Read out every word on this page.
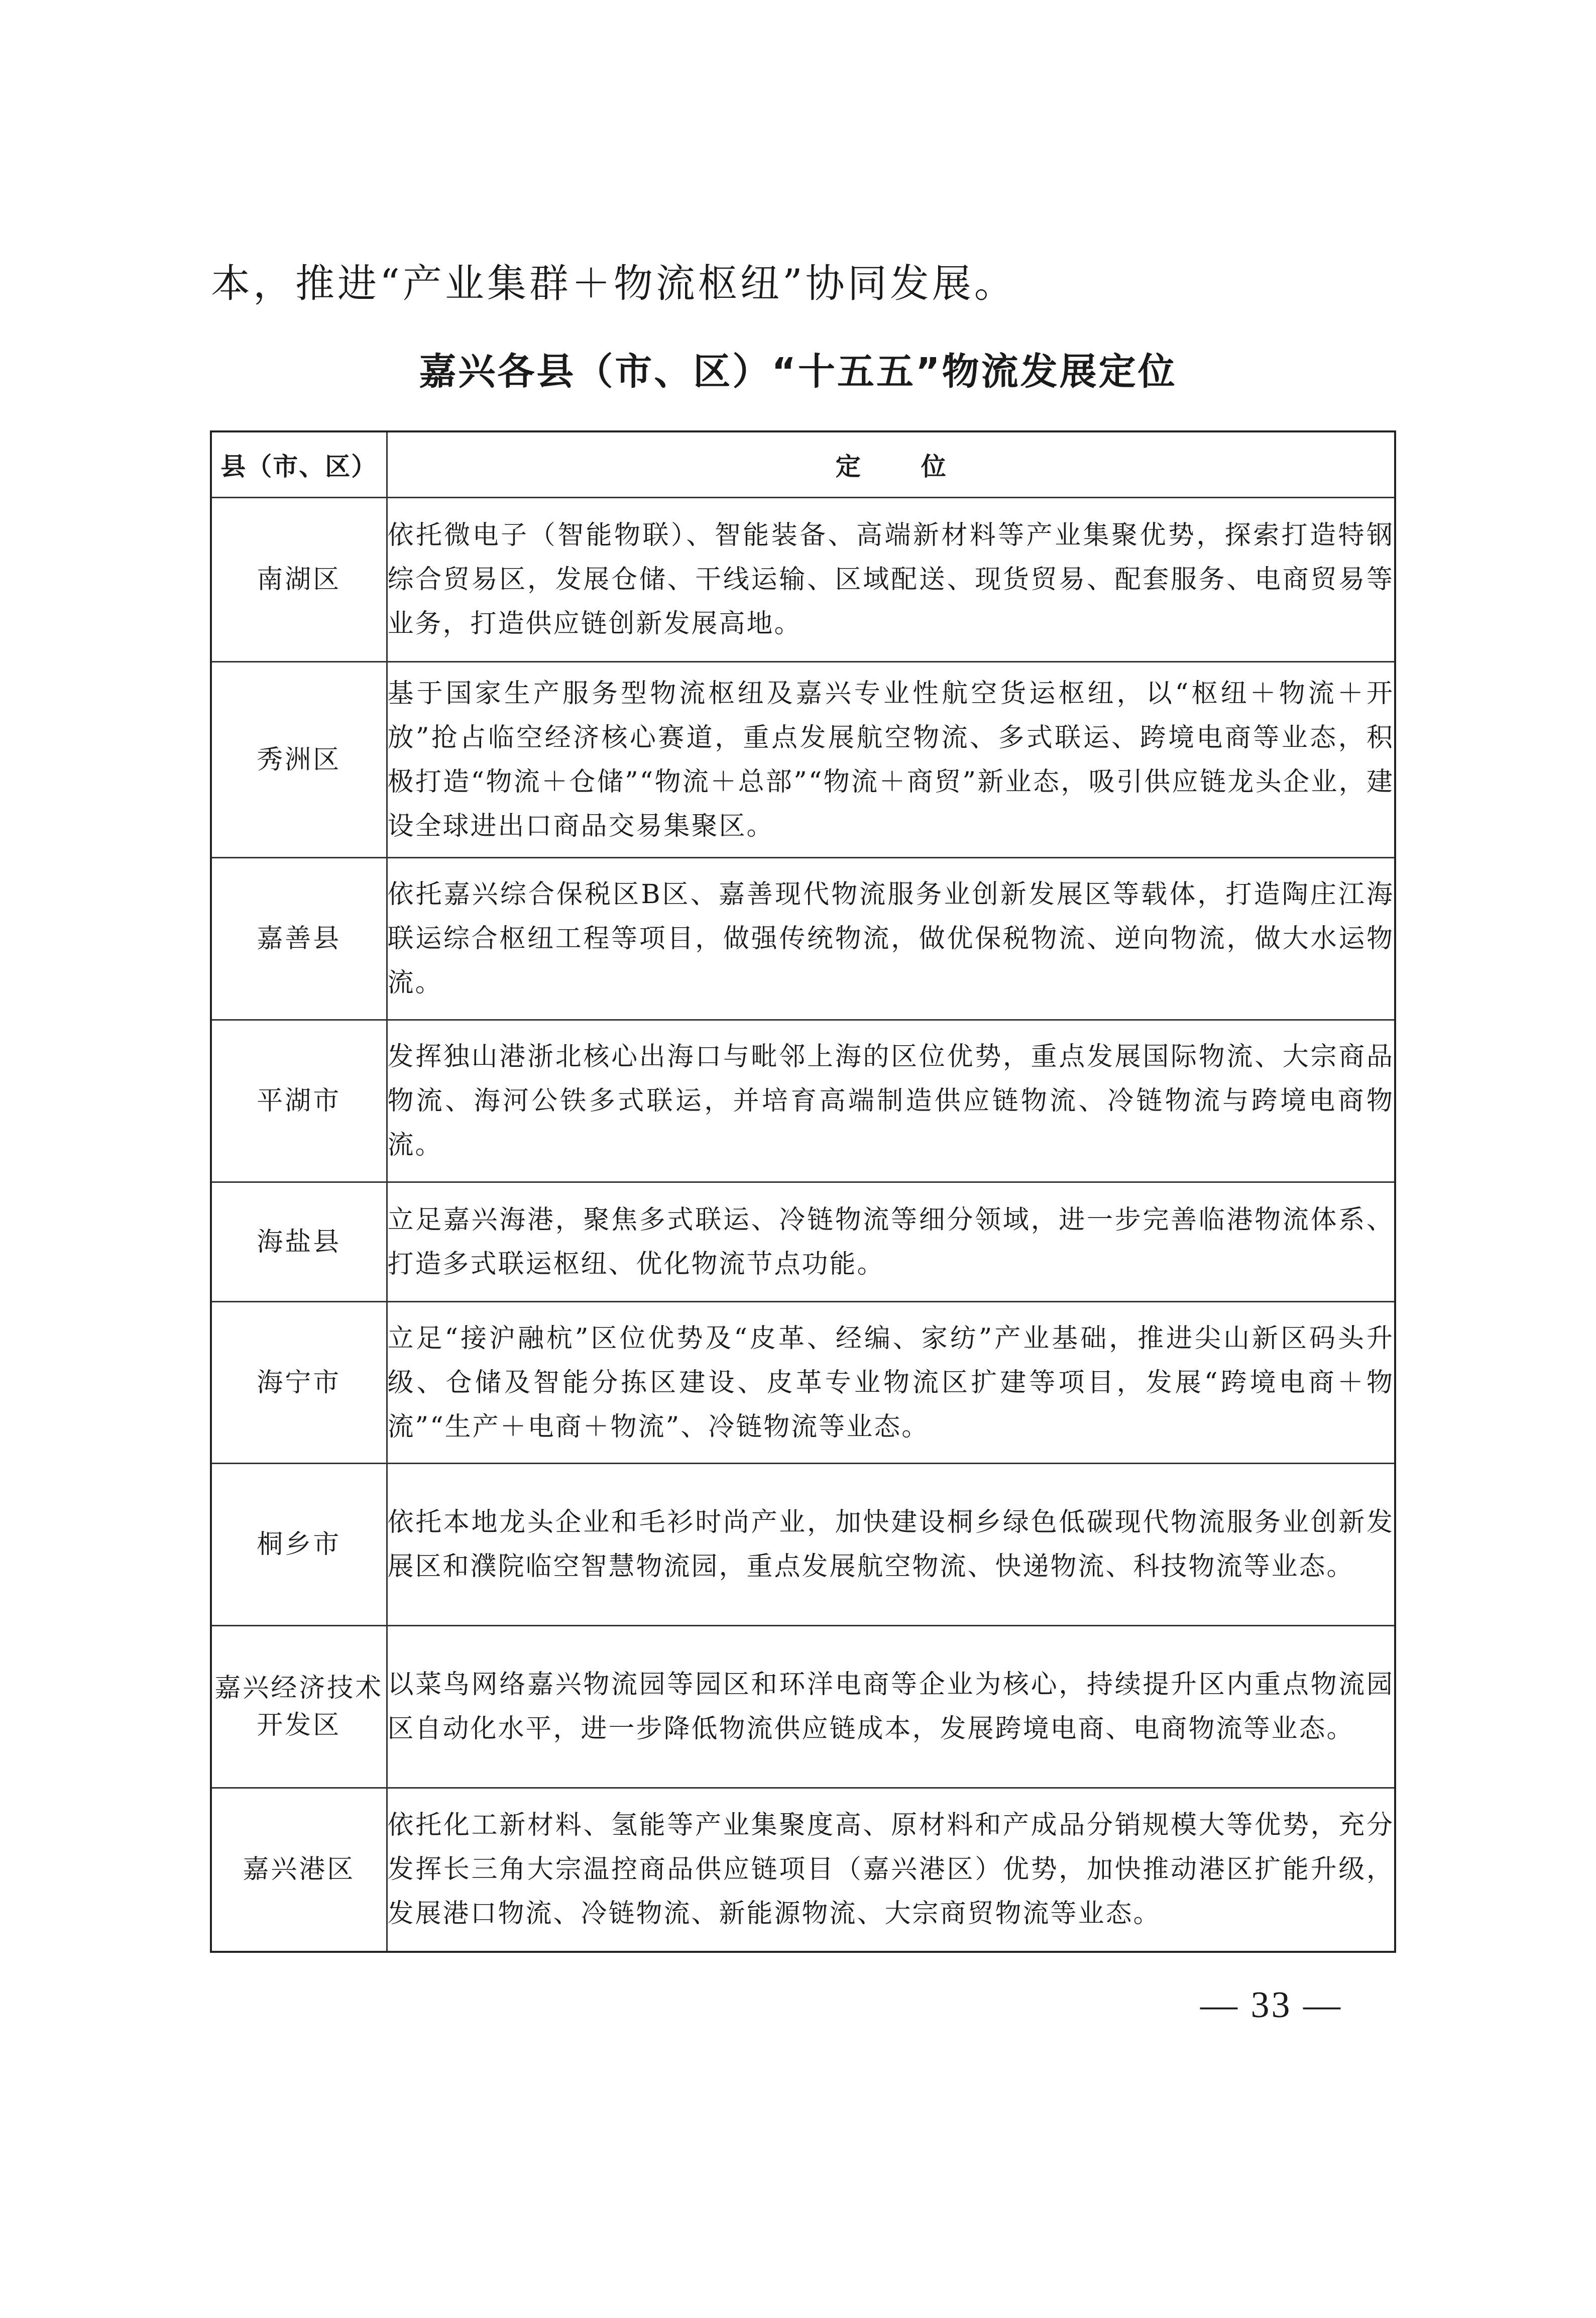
本，推进“产业集群＋物流枢纽”协同发展。
嘉兴各县（市、区）“十五五”物流发展定位
县（市、区）	定位
南湖区	依托微电子（智能物联）、智能装备、高端新材料等产业集聚优势，探索打造特钢综合贸易区，发展仓储、干线运输、区域配送、现货贸易、配套服务、电商贸易等业务，打造供应链创新发展高地。
秀洲区	基于国家生产服务型物流枢纽及嘉兴专业性航空货运枢纽，以“枢纽＋物流＋开放”抢占临空经济核心赛道，重点发展航空物流、多式联运、跨境电商等业态，积极打造“物流＋仓储”“物流＋总部”“物流＋商贸”新业态，吸引供应链龙头企业，建设全球进出口商品交易集聚区。
嘉善县	依托嘉兴综合保税区B区、嘉善现代物流服务业创新发展区等载体，打造陶庄江海联运综合枢纽工程等项目，做强传统物流，做优保税物流、逆向物流，做大水运物流。
平湖市	发挥独山港浙北核心出海口与毗邻上海的区位优势，重点发展国际物流、大宗商品物流、海河公铁多式联运，并培育高端制造供应链物流、冷链物流与跨境电商物流。
海盐县	立足嘉兴海港，聚焦多式联运、冷链物流等细分领域，进一步完善临港物流体系、打造多式联运枢纽、优化物流节点功能。
海宁市	立足“接沪融杭”区位优势及“皮革、经编、家纺”产业基础，推进尖山新区码头升级、仓储及智能分拣区建设、皮革专业物流区扩建等项目，发展“跨境电商＋物流”“生产＋电商＋物流”、冷链物流等业态。
桐乡市	依托本地龙头企业和毛衫时尚产业，加快建设桐乡绿色低碳现代物流服务业创新发展区和濮院临空智慧物流园，重点发展航空物流、快递物流、科技物流等业态。
嘉兴经济技术开发区	以菜鸟网络嘉兴物流园等园区和环洋电商等企业为核心，持续提升区内重点物流园区自动化水平，进一步降低物流供应链成本，发展跨境电商、电商物流等业态。
嘉兴港区	依托化工新材料、氢能等产业集聚度高、原材料和产成品分销规模大等优势，充分发挥长三角大宗温控商品供应链项目（嘉兴港区）优势，加快推动港区扩能升级，发展港口物流、冷链物流、新能源物流、大宗商贸物流等业态。
— 33 —
